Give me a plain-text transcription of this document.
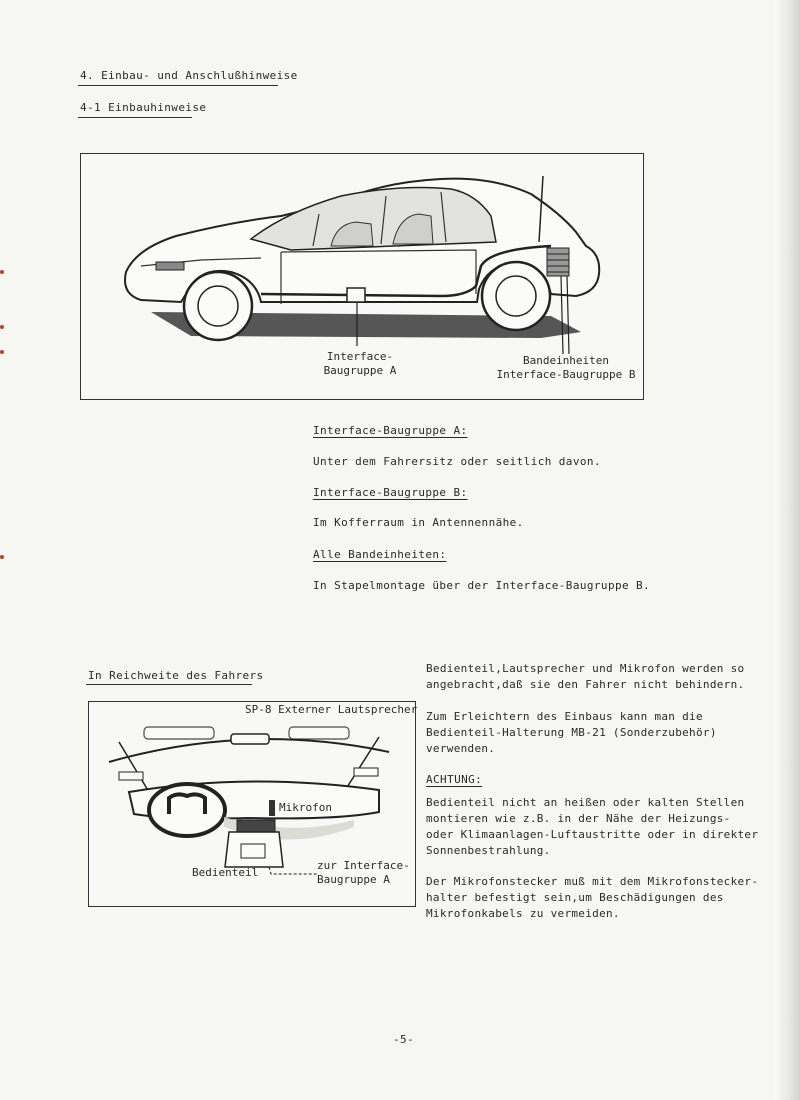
4. Einbau- und Anschlußhinweise
4-1 Einbauhinweise
Interface-
Baugruppe A
Bandeinheiten
Interface-Baugruppe B
Interface-Baugruppe A:
Unter dem Fahrersitz oder seitlich davon.
Interface-Baugruppe B:
Im Kofferraum in Antennennähe.
Alle Bandeinheiten:
In Stapelmontage über der Interface-Baugruppe B.
In Reichweite des Fahrers
SP-8 Externer Lautsprecher
Mikrofon
Bedienteil
zur Interface-
Baugruppe A
Bedienteil,Lautsprecher und Mikrofon werden so
angebracht,daß sie den Fahrer nicht behindern.
Zum Erleichtern des Einbaus kann man die
Bedienteil-Halterung MB-21 (Sonderzubehör)
verwenden.
ACHTUNG:
Bedienteil nicht an heißen oder kalten Stellen
montieren wie z.B. in der Nähe der Heizungs-
oder Klimaanlagen-Luftaustritte oder in direkter
Sonnenbestrahlung.
Der Mikrofonstecker muß mit dem Mikrofonstecker-
halter befestigt sein,um Beschädigungen des
Mikrofonkabels zu vermeiden.
-5-
